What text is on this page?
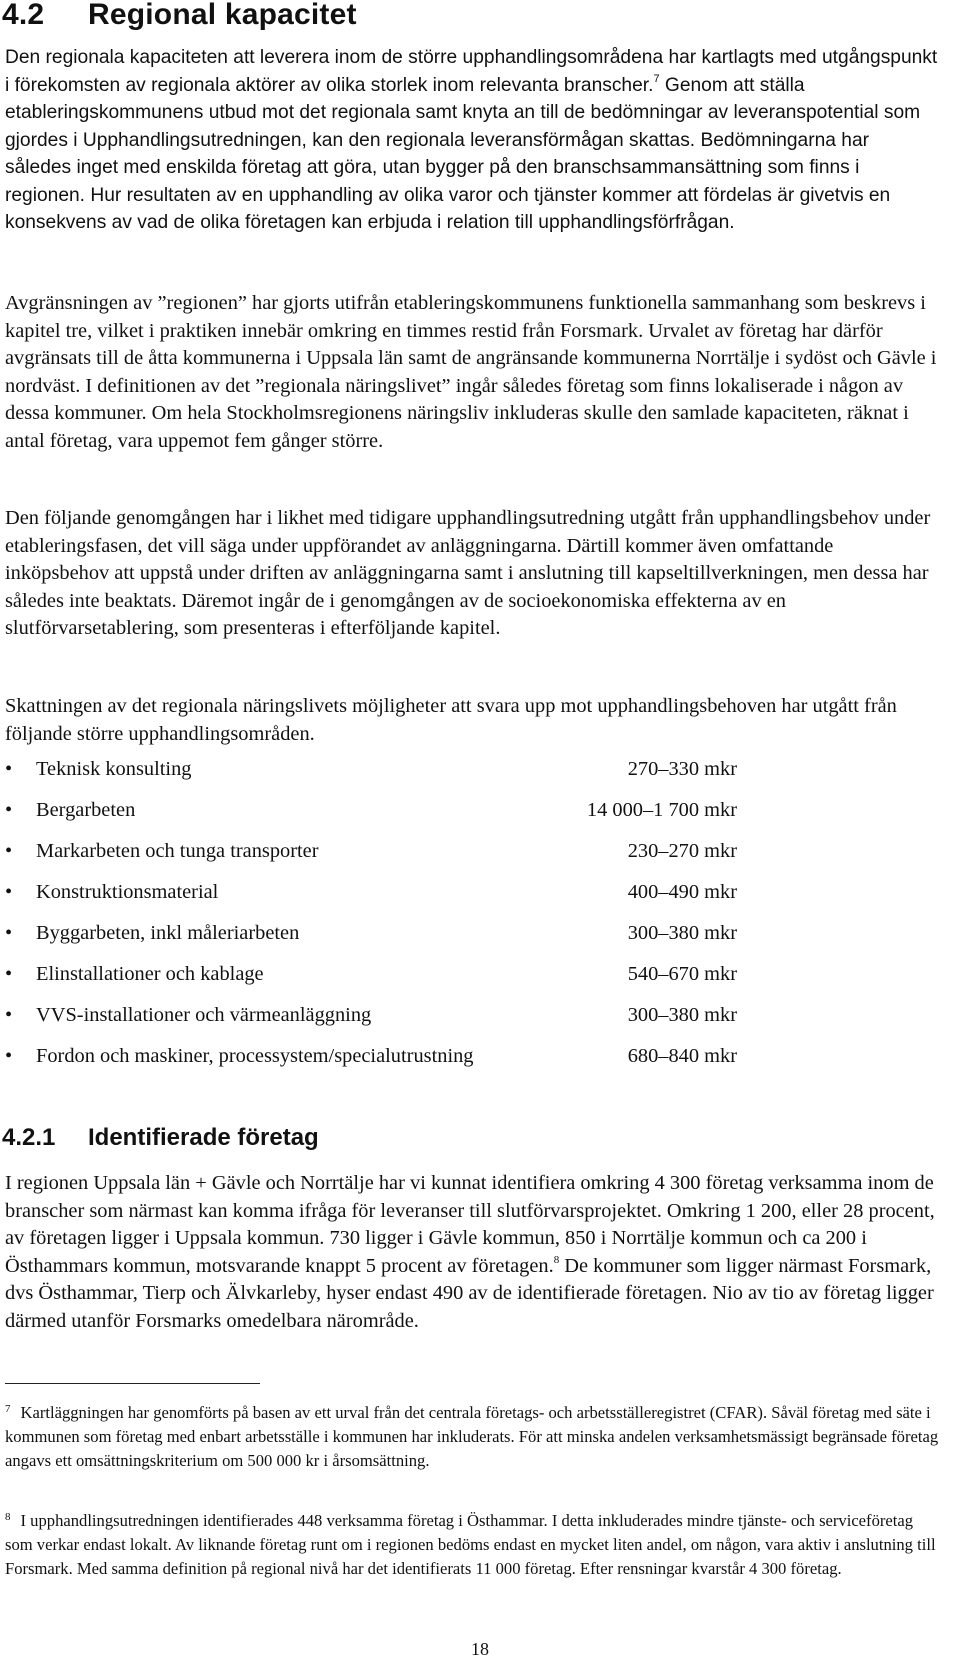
4.2 Regional kapacitet

Den regionala kapaciteten att leverera inom de större upphandlingsområdena har kartlagts med utgångspunkt i förekomsten av regionala aktörer av olika storlek inom relevanta branscher.$^7$ Genom att ställa etableringskommunens utbud mot det regionala samt knyta an till de bedömningar av leveranspotential som gjordes i Upphandlingsutredningen, kan den regionala leveransförmågan skattas. Bedömningarna har således inget med enskilda företag att göra, utan bygger på den branschsammansättning som finns i regionen. Hur resultaten av en upphandling av olika varor och tjänster kommer att fördelas är givetvis en konsekvens av vad de olika företagen kan erbjuda i relation till upphandlingsförfrågan.

Avgränsningen av ”regionen” har gjorts utifrån etableringskommunens funktionella sammanhang som beskrevs i kapitel tre, vilket i praktiken innebär omkring en timmes restid från Forsmark. Urvalet av företag har därför avgränsats till de åtta kommunerna i Uppsala län samt de angränsande kommunerna Norrtälje i sydöst och Gävle i nordväst. I definitionen av det ”regionala näringslivet” ingår således företag som finns lokaliserade i någon av dessa kommuner. Om hela Stockholmsregionens näringsliv inkluderas skulle den samlade kapaciteten, räknat i antal företag, vara uppemot fem gånger större.

Den följande genomgången har i likhet med tidigare upphandlingsutredning utgått från upphandlingsbehov under etableringsfasen, det vill säga under uppförandet av anläggningarna. Därtill kommer även omfattande inköpsbehov att uppstå under driften av anläggningarna samt i anslutning till kapseltillverkningen, men dessa har således inte beaktats. Däremot ingår de i genomgången av de socioekonomiska effekterna av en slutförvarsetablering, som presenteras i efterföljande kapitel.

Skattningen av det regionala näringslivets möjligheter att svara upp mot upphandlingsbehoven har utgått från följande större upphandlingsområden.

• Teknisk konsulting	270–330 mkr
• Bergarbeten	14 000–1 700 mkr
• Markarbeten och tunga transporter	230–270 mkr
• Konstruktionsmaterial	400–490 mkr
• Byggarbeten, inkl måleriarbeten	300–380 mkr
• Elinstallationer och kablage	540–670 mkr
• VVS-installationer och värmeanläggning	300–380 mkr
• Fordon och maskiner, processystem/specialutrustning	680–840 mkr
4.2.1 Identifierade företag

I regionen Uppsala län + Gävle och Norrtälje har vi kunnat identifiera omkring 4 300 företag verksamma inom de branscher som närmast kan komma ifråga för leveranser till slutförvarsprojektet. Omkring 1 200, eller 28 procent, av företagen ligger i Uppsala kommun. 730 ligger i Gävle kommun, 850 i Norrtälje kommun och ca 200 i Östhammars kommun, motsvarande knappt 5 procent av företagen.$^8$ De kommuner som ligger närmast Forsmark, dvs Östhammar, Tierp och Älvkarleby, hyser endast 490 av de identifierade företagen. Nio av tio av företag ligger därmed utanför Forsmarks omedelbara närområde.

$^7$ Kartläggningen har genomförts på basen av ett urval från det centrala företags- och arbetsställeregistret (CFAR). Såväl företag med säte i kommunen som företag med enbart arbetsställe i kommunen har inkluderats. För att minska andelen verksamhetsmässigt begränsade företag angavs ett omsättningskriterium om 500 000 kr i årsomsättning.

$^8$ I upphandlingsutredningen identifierades 448 verksamma företag i Östhammar. I detta inkluderades mindre tjänste- och serviceföretag som verkar endast lokalt. Av liknande företag runt om i regionen bedöms endast en mycket liten andel, om någon, vara aktiv i anslutning till Forsmark. Med samma definition på regional nivå har det identifierats 11 000 företag. Efter rensningar kvarstår 4 300 företag.

18
